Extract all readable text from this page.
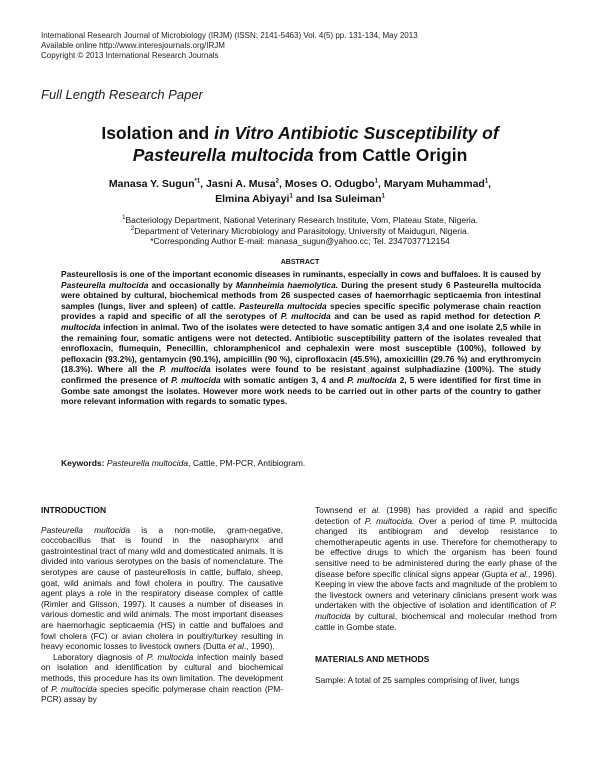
International Research Journal of Microbiology (IRJM) (ISSN: 2141-5463) Vol. 4(5) pp. 131-134, May 2013
Available online http://www.interesjournals.org/IRJM
Copyright © 2013 International Research Journals
Full Length Research Paper
Isolation and in Vitro Antibiotic Susceptibility of
Pasteurella multocida from Cattle Origin
Manasa Y. Sugun$^{*1}$, Jasni A. Musa$^2$, Moses O. Odugbo$^1$, Maryam Muhammad$^1$,
Elmina Abiyayi$^1$ and Isa Suleiman$^1$
$^1$Bacteriology Department, National Veterinary Research Institute, Vom, Plateau State, Nigeria.
$^2$Department of Veterinary Microbiology and Parasitology, University of Maiduguri, Nigeria.
*Corresponding Author E-mail: manasa_sugun@yahoo.cc; Tel. 2347037712154
ABSTRACT
Pasteurellosis is one of the important economic diseases in ruminants, especially in cows and buffaloes. It is caused by Pasteurella multocida and occasionally by Mannheimia haemolytica. During the present study 6 Pasteurella multocida were obtained by cultural, biochemical methods from 26 suspected cases of haemorrhagic septicaemia fron intestinal samples (lungs, liver and spleen) of cattle. Pasteurella multocida species specific specific polymerase chain reaction provides a rapid and specific of all the serotypes of P. multocida and can be used as rapid method for detection P. multocida infection in animal. Two of the isolates were detected to have somatic antigen 3,4 and one isolate 2,5 while in the remaining four, somatic antigens were not detected. Antibiotic susceptibility pattern of the isolates revealed that enrofloxacin, flumequin, Penecillin, chloramphenicol and cephalexin were most susceptible (100%), followed by pefloxacin (93.2%), gentamycin (90.1%), ampicillin (90 %), ciprofloxacin (45.5%), amoxicillin (29.76 %) and erythromycin (18.3%). Where all the P. multocida isolates were found to be resistant against sulphadiazine (100%). The study confirmed the presence of P. multocida with somatic antigen 3, 4 and P. multocida 2, 5 were identified for first time in Gombe sate amongst the isolates. However more work needs to be carried out in other parts of the country to gather more relevant information with regards to somatic types.
Keywords: Pasteurella multocida, Cattle, PM-PCR, Antibiogram.
INTRODUCTION
Pasteurella multocida is a non-motile, gram-negative, coccobacillus that is found in the nasopharynx and gastrointestinal tract of many wild and domesticated animals. It is divided into various serotypes on the basis of nomenclature. The serotypes are cause of pasteurellosis in cattle, buffalo, sheep, goat, wild animals and fowl cholera in poultry. The causative agent plays a role in the respiratory disease complex of cattle (Rimler and Glisson, 1997). It causes a number of diseases in various domestic and wild animals. The most important diseases are haemorhagic septicaemia (HS) in cattle and buffaloes and fowl cholera (FC) or avian cholera in poultry/turkey resulting in heavy economic losses to livestock owners (Dutta et al., 1990).
Laboratory diagnosis of P. multocida infection mainly based on isolation and identification by cultural and biochemical methods, this procedure has its own limitation. The development of P. multocida species specific polymerase chain reaction (PM-PCR) assay by
Townsend et al. (1998) has provided a rapid and specific detection of P. multocida. Over a period of time P. multocida changed its antibiogram and develop resistance to chemotherapeutic agents in use. Therefore for chemotherapy to be effective drugs to which the organism has been found sensitive need to be administered during the early phase of the disease before specific clinical signs appear (Gupta et al., 1996). Keeping in view the above facts and magnitude of the problem to the livestock owners and veterinary clinicians present work was undertaken with the objective of isolation and identification of P. multocida by cultural, biochemical and molecular method from cattle in Gombe state.
MATERIALS AND METHODS
Sample: A total of 25 samples comprising of liver, lungs
